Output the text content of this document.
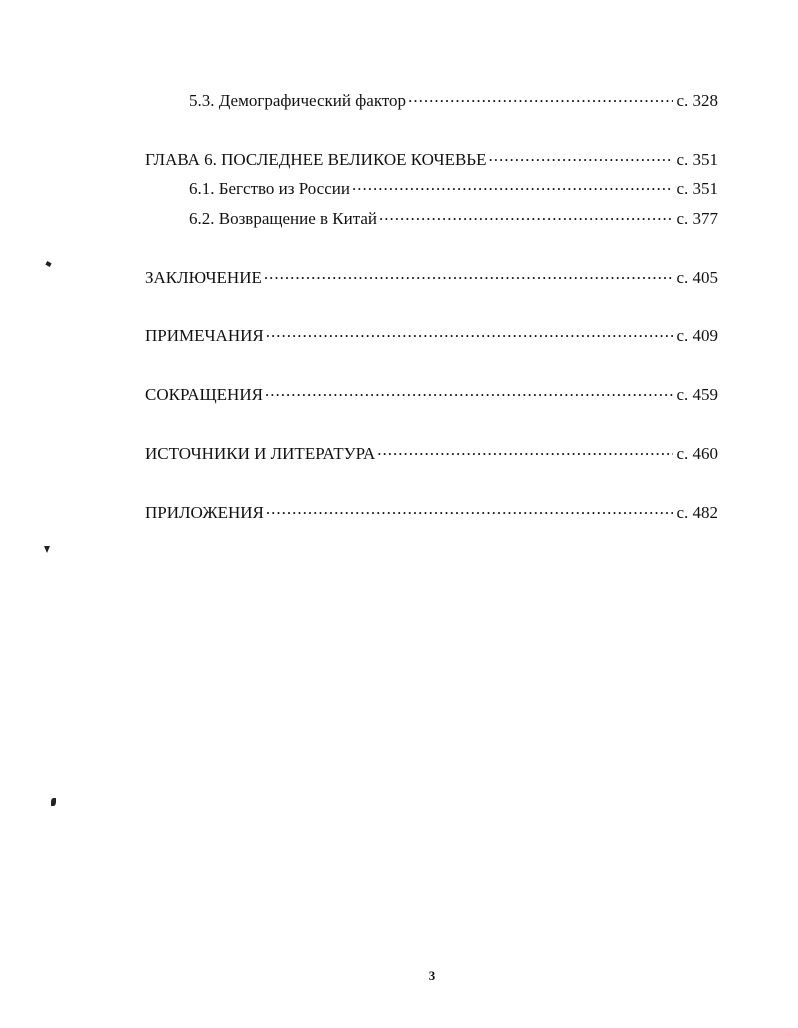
5.3. Демографический фактор .....	с. 328
ГЛАВА 6. ПОСЛЕДНЕЕ ВЕЛИКОЕ КОЧЕВЬЕ .....	с. 351
6.1. Бегство из России .....	с. 351
6.2. Возвращение в Китай .....	с. 377
ЗАКЛЮЧЕНИЕ .....	с. 405
ПРИМЕЧАНИЯ .....	с. 409
СОКРАЩЕНИЯ .....	с. 459
ИСТОЧНИКИ И ЛИТЕРАТУРА .....	с. 460
ПРИЛОЖЕНИЯ .....	с. 482
3
